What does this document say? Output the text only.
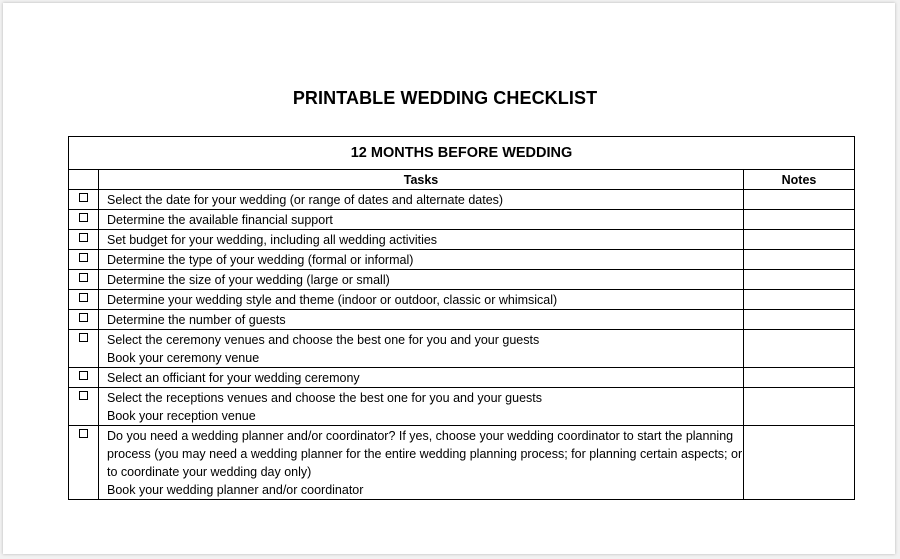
PRINTABLE WEDDING CHECKLIST
12 MONTHS BEFORE WEDDING		
	Tasks	Notes

	Select the date for your wedding (or range of dates and alternate dates)	

	Determine the available financial support	

	Set budget for your wedding, including all wedding activities	

	Determine the type of your wedding (formal or informal)	

	Determine the size of your wedding (large or small)	

	Determine your wedding style and theme (indoor or outdoor, classic or whimsical)	

	Determine the number of guests	

	Select the ceremony venues and choose the best one for you and your guests
Book your ceremony venue	

	Select an officiant for your wedding ceremony	

	Select the receptions venues and choose the best one for you and your guests
Book your reception venue	

	Do you need a wedding planner and/or coordinator? If yes, choose your wedding coordinator to start the planning process (you may need a wedding planner for the entire wedding planning process; for planning certain aspects; or to coordinate your wedding day only)
Book your wedding planner and/or coordinator	
